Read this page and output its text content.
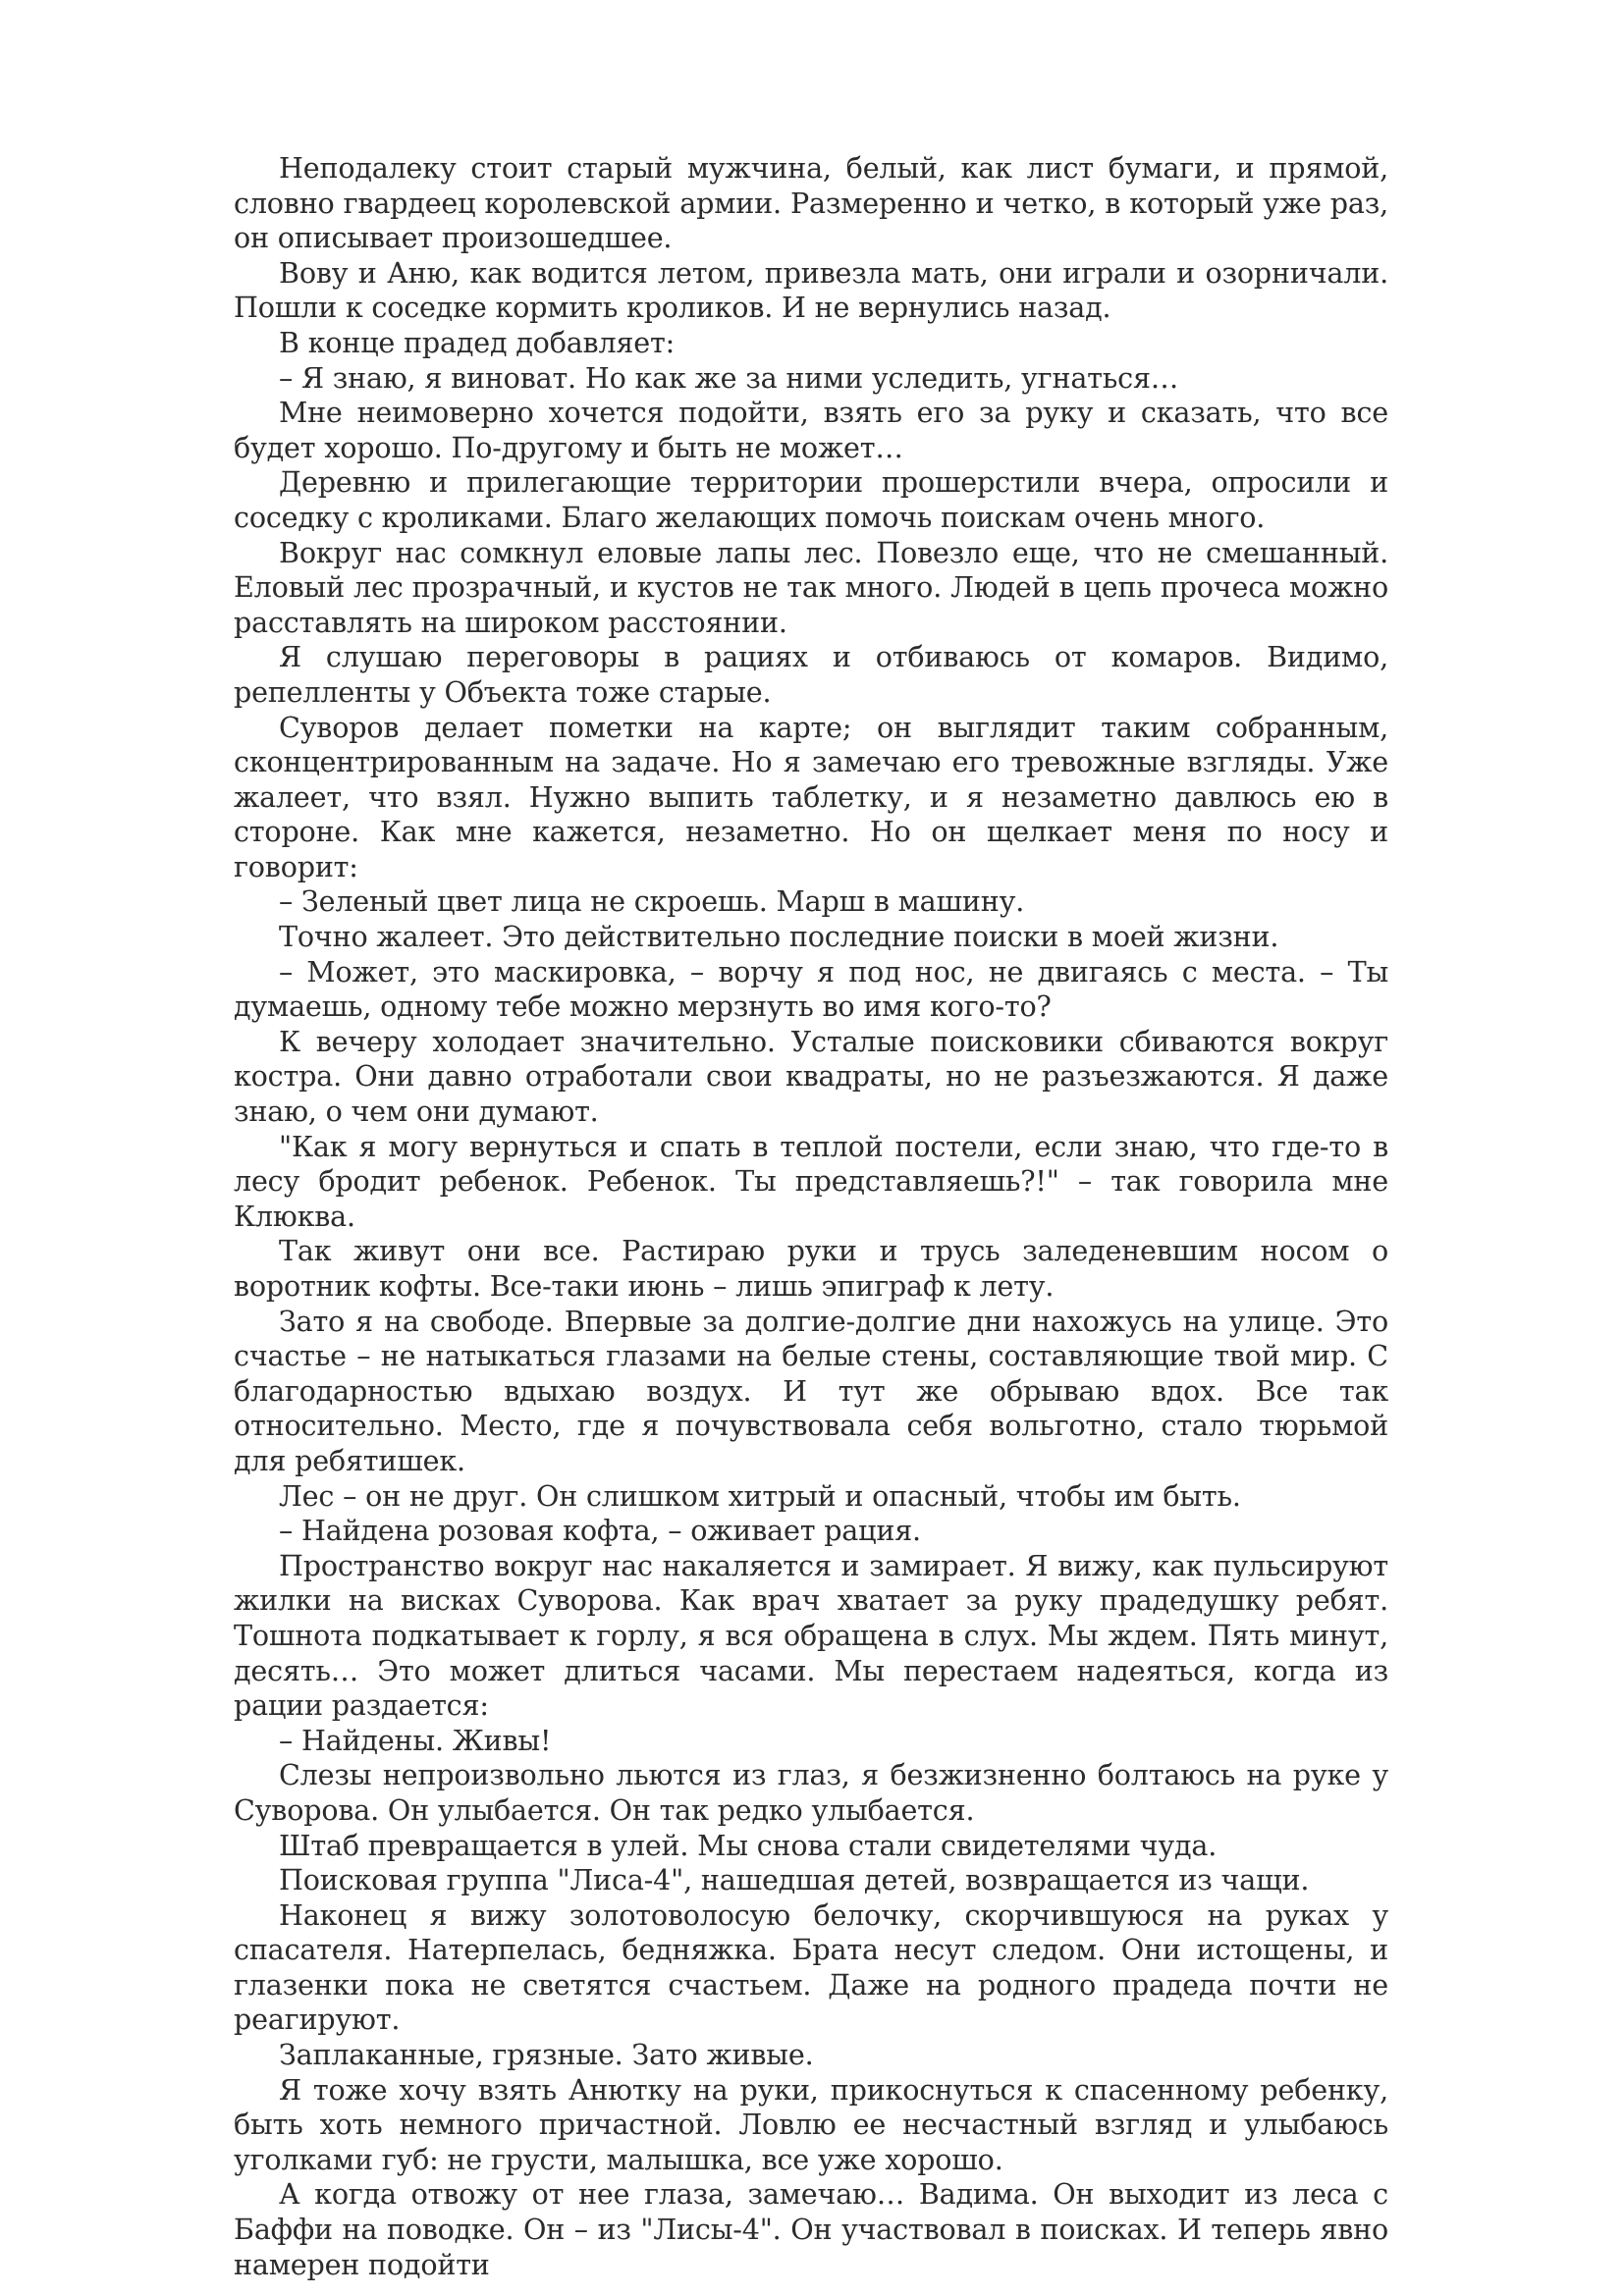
Неподалеку стоит старый мужчина, белый, как лист бумаги, и прямой, словно гвардеец королевской армии. Размеренно и четко, в который уже раз, он описывает произошедшее.

Вову и Аню, как водится летом, привезла мать, они играли и озорничали. Пошли к соседке кормить кроликов. И не вернулись назад.

В конце прадед добавляет:

– Я знаю, я виноват. Но как же за ними уследить, угнаться…

Мне неимоверно хочется подойти, взять его за руку и сказать, что все будет хорошо. По-другому и быть не может…

Деревню и прилегающие территории прошерстили вчера, опросили и соседку с кроликами. Благо желающих помочь поискам очень много.

Вокруг нас сомкнул еловые лапы лес. Повезло еще, что не смешанный. Еловый лес прозрачный, и кустов не так много. Людей в цепь прочеса можно расставлять на широком расстоянии.

Я слушаю переговоры в рациях и отбиваюсь от комаров. Видимо, репелленты у Объекта тоже старые.

Суворов делает пометки на карте; он выглядит таким собранным, сконцентрированным на задаче. Но я замечаю его тревожные взгляды. Уже жалеет, что взял. Нужно выпить таблетку, и я незаметно давлюсь ею в стороне. Как мне кажется, незаметно. Но он щелкает меня по носу и говорит:

– Зеленый цвет лица не скроешь. Марш в машину.

Точно жалеет. Это действительно последние поиски в моей жизни.

– Может, это маскировка, – ворчу я под нос, не двигаясь с места. – Ты думаешь, одному тебе можно мерзнуть во имя кого-то?

К вечеру холодает значительно. Усталые поисковики сбиваются вокруг костра. Они давно отработали свои квадраты, но не разъезжаются. Я даже знаю, о чем они думают.

"Как я могу вернуться и спать в теплой постели, если знаю, что где-то в лесу бродит ребенок. Ребенок. Ты представляешь?!" – так говорила мне Клюква.

Так живут они все. Растираю руки и трусь заледеневшим носом о воротник кофты. Все-таки июнь – лишь эпиграф к лету.

Зато я на свободе. Впервые за долгие-долгие дни нахожусь на улице. Это счастье – не натыкаться глазами на белые стены, составляющие твой мир. С благодарностью вдыхаю воздух. И тут же обрываю вдох. Все так относительно. Место, где я почувствовала себя вольготно, стало тюрьмой для ребятишек.

Лес – он не друг. Он слишком хитрый и опасный, чтобы им быть.

– Найдена розовая кофта, – оживает рация.

Пространство вокруг нас накаляется и замирает. Я вижу, как пульсируют жилки на висках Суворова. Как врач хватает за руку прадедушку ребят. Тошнота подкатывает к горлу, я вся обращена в слух. Мы ждем. Пять минут, десять… Это может длиться часами. Мы перестаем надеяться, когда из рации раздается:

– Найдены. Живы!

Слезы непроизвольно льются из глаз, я безжизненно болтаюсь на руке у Суворова. Он улыбается. Он так редко улыбается.

Штаб превращается в улей. Мы снова стали свидетелями чуда.

Поисковая группа "Лиса-4", нашедшая детей, возвращается из чащи.

Наконец я вижу золотоволосую белочку, скорчившуюся на руках у спасателя. Натерпелась, бедняжка. Брата несут следом. Они истощены, и глазенки пока не светятся счастьем. Даже на родного прадеда почти не реагируют.

Заплаканные, грязные. Зато живые.

Я тоже хочу взять Анютку на руки, прикоснуться к спасенному ребенку, быть хоть немного причастной. Ловлю ее несчастный взгляд и улыбаюсь уголками губ: не грусти, малышка, все уже хорошо.

А когда отвожу от нее глаза, замечаю… Вадима. Он выходит из леса с Баффи на поводке. Он – из "Лисы-4". Он участвовал в поисках. И теперь явно намерен подойти
